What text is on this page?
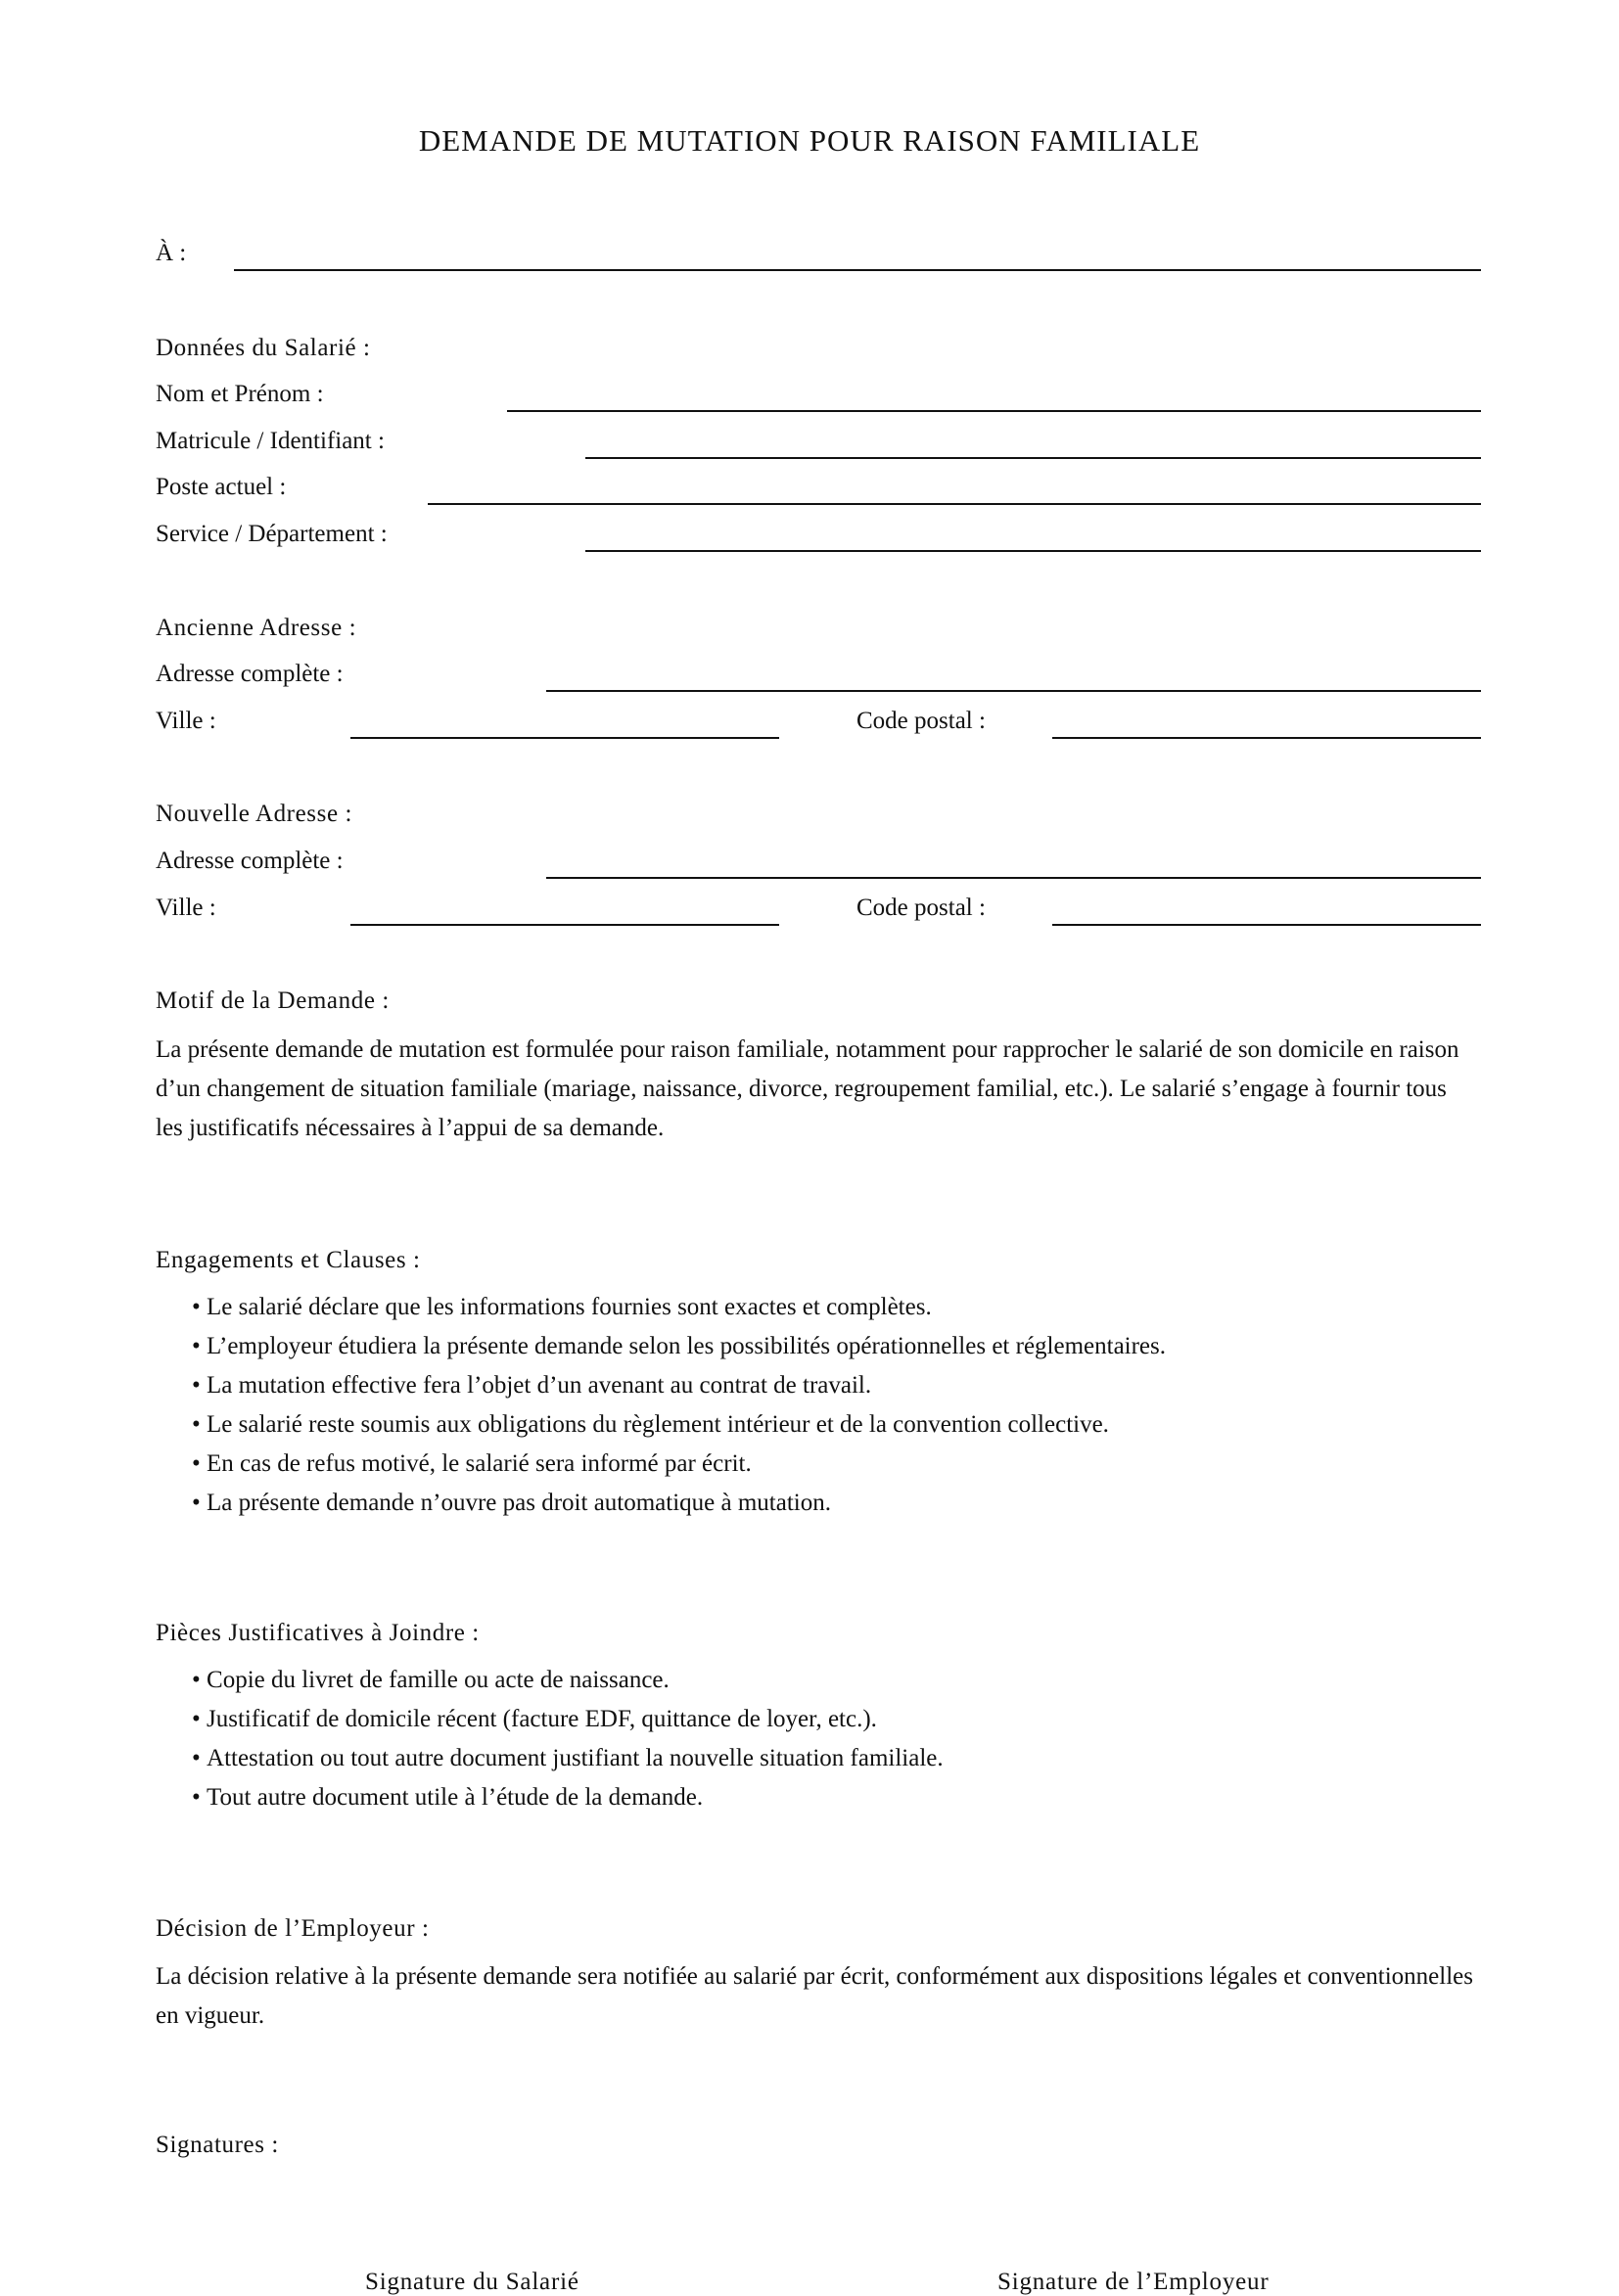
DEMANDE DE MUTATION POUR RAISON FAMILIALE
À :
Données du Salarié :
Nom et Prénom :
Matricule / Identifiant :
Poste actuel :
Service / Département :
Ancienne Adresse :
Adresse complète :
Ville :	Code postal :
Nouvelle Adresse :
Adresse complète :
Ville :	Code postal :
Motif de la Demande :
La présente demande de mutation est formulée pour raison familiale, notamment pour rapprocher le salarié de son domicile en raison d’un changement de situation familiale (mariage, naissance, divorce, regroupement familial, etc.). Le salarié s’engage à fournir tous les justificatifs nécessaires à l’appui de sa demande.
Engagements et Clauses :
• Le salarié déclare que les informations fournies sont exactes et complètes.
• L’employeur étudiera la présente demande selon les possibilités opérationnelles et réglementaires.
• La mutation effective fera l’objet d’un avenant au contrat de travail.
• Le salarié reste soumis aux obligations du règlement intérieur et de la convention collective.
• En cas de refus motivé, le salarié sera informé par écrit.
• La présente demande n’ouvre pas droit automatique à mutation.
Pièces Justificatives à Joindre :
• Copie du livret de famille ou acte de naissance.
• Justificatif de domicile récent (facture EDF, quittance de loyer, etc.).
• Attestation ou tout autre document justifiant la nouvelle situation familiale.
• Tout autre document utile à l’étude de la demande.
Décision de l’Employeur :
La décision relative à la présente demande sera notifiée au salarié par écrit, conformément aux dispositions légales et conventionnelles en vigueur.
Signatures :
Signature du Salarié	Signature de l’Employeur
